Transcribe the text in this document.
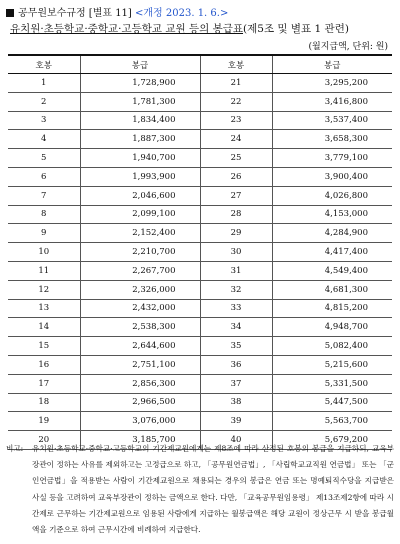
공무원보수규정 [별표 11] <개정 2023. 1. 6.>
유치원·초등학교·중학교·고등학교 교원 등의 봉급표(제5조 및 별표 1 관련)
(월지급액, 단위: 원)
호봉	봉급	호봉	봉급
1	1,728,900	21	3,295,200
2	1,781,300	22	3,416,800
3	1,834,400	23	3,537,400
4	1,887,300	24	3,658,300
5	1,940,700	25	3,779,100
6	1,993,900	26	3,900,400
7	2,046,600	27	4,026,800
8	2,099,100	28	4,153,000
9	2,152,400	29	4,284,900
10	2,210,700	30	4,417,400
11	2,267,700	31	4,549,400
12	2,326,000	32	4,681,300
13	2,432,000	33	4,815,200
14	2,538,300	34	4,948,700
15	2,644,600	35	5,082,400
16	2,751,100	36	5,215,600
17	2,856,300	37	5,331,500
18	2,966,500	38	5,447,500
19	3,076,000	39	5,563,700
20	3,185,700	40	5,679,200
비고:	유치원·초등학교·중학교·고등학교의 기간제교원에게는 제8조에 따라 산정된 호봉의 봉급을 지급하되, 교육부장관이 정하는 사유를 제외하고는 고정급으로 하고, 「공무원연금법」, 「사립학교교직원 연금법」 또는 「군인연금법」을 적용받는 사람이 기간제교원으로 채용되는 경우의 봉급은 연금 또는 명예퇴직수당을 지급받은 사실 등을 고려하여 교육부장관이 정하는 금액으로 한다. 다만, 「교육공무원임용령」 제13조제2항에 따라 시간제로 근무하는 기간제교원으로 임용된 사람에게 지급하는 월봉급액은 해당 교원이 정상근무 시 받을 봉급월액을 기준으로 하여 근무시간에 비례하여 지급한다.
